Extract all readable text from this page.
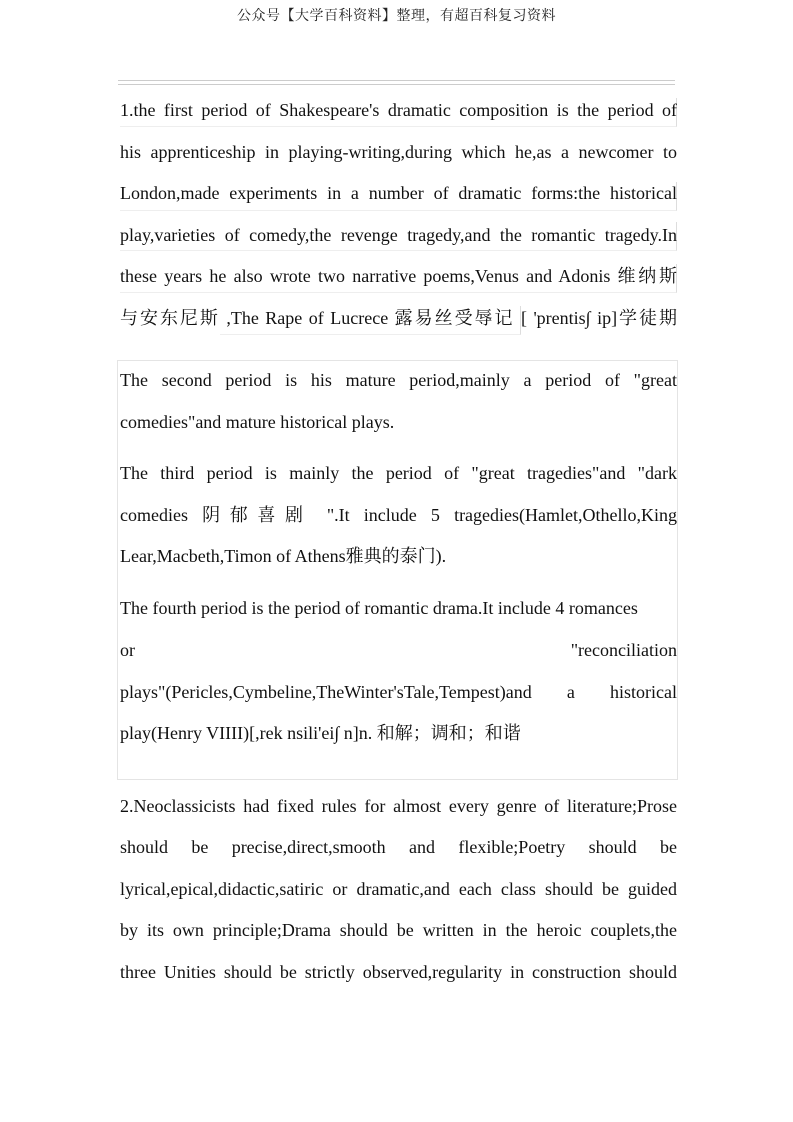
公众号【大学百科资料】整理，有超百科复习资料
1.the first period of Shakespeare's dramatic composition is the period of
his apprenticeship in playing-writing,during which he,as a newcomer to
London,made experiments in a number of dramatic forms:the historical
play,varieties of comedy,the revenge tragedy,and the romantic tragedy.In
these years he also wrote two narrative poems,Venus and Adonis 维纳斯
与安东尼斯 ,The Rape of Lucrece 露易丝受辱记 [ 'prentis∫ ip]学徒期
The second period is his mature period,mainly a period of "great
comedies"and mature historical plays.
The third period is mainly the period of "great tragedies"and "dark
comedies 阴郁喜剧 ".It include 5 tragedies(Hamlet,Othello,King
Lear,Macbeth,Timon of Athens雅典的泰门).
The fourth period is the period of romantic drama.It include 4 romances
or	"reconciliation
plays"(Pericles,Cymbeline,TheWinter'sTale,Tempest)and a historical
play(Henry VIIII)[,rek nsili'ei∫ n]n. 和解；调和；和谐
2.Neoclassicists had fixed rules for almost every genre of literature;Prose
should be precise,direct,smooth and flexible;Poetry should be
lyrical,epical,didactic,satiric or dramatic,and each class should be guided
by its own principle;Drama should be written in the heroic couplets,the
three Unities should be strictly observed,regularity in construction should
